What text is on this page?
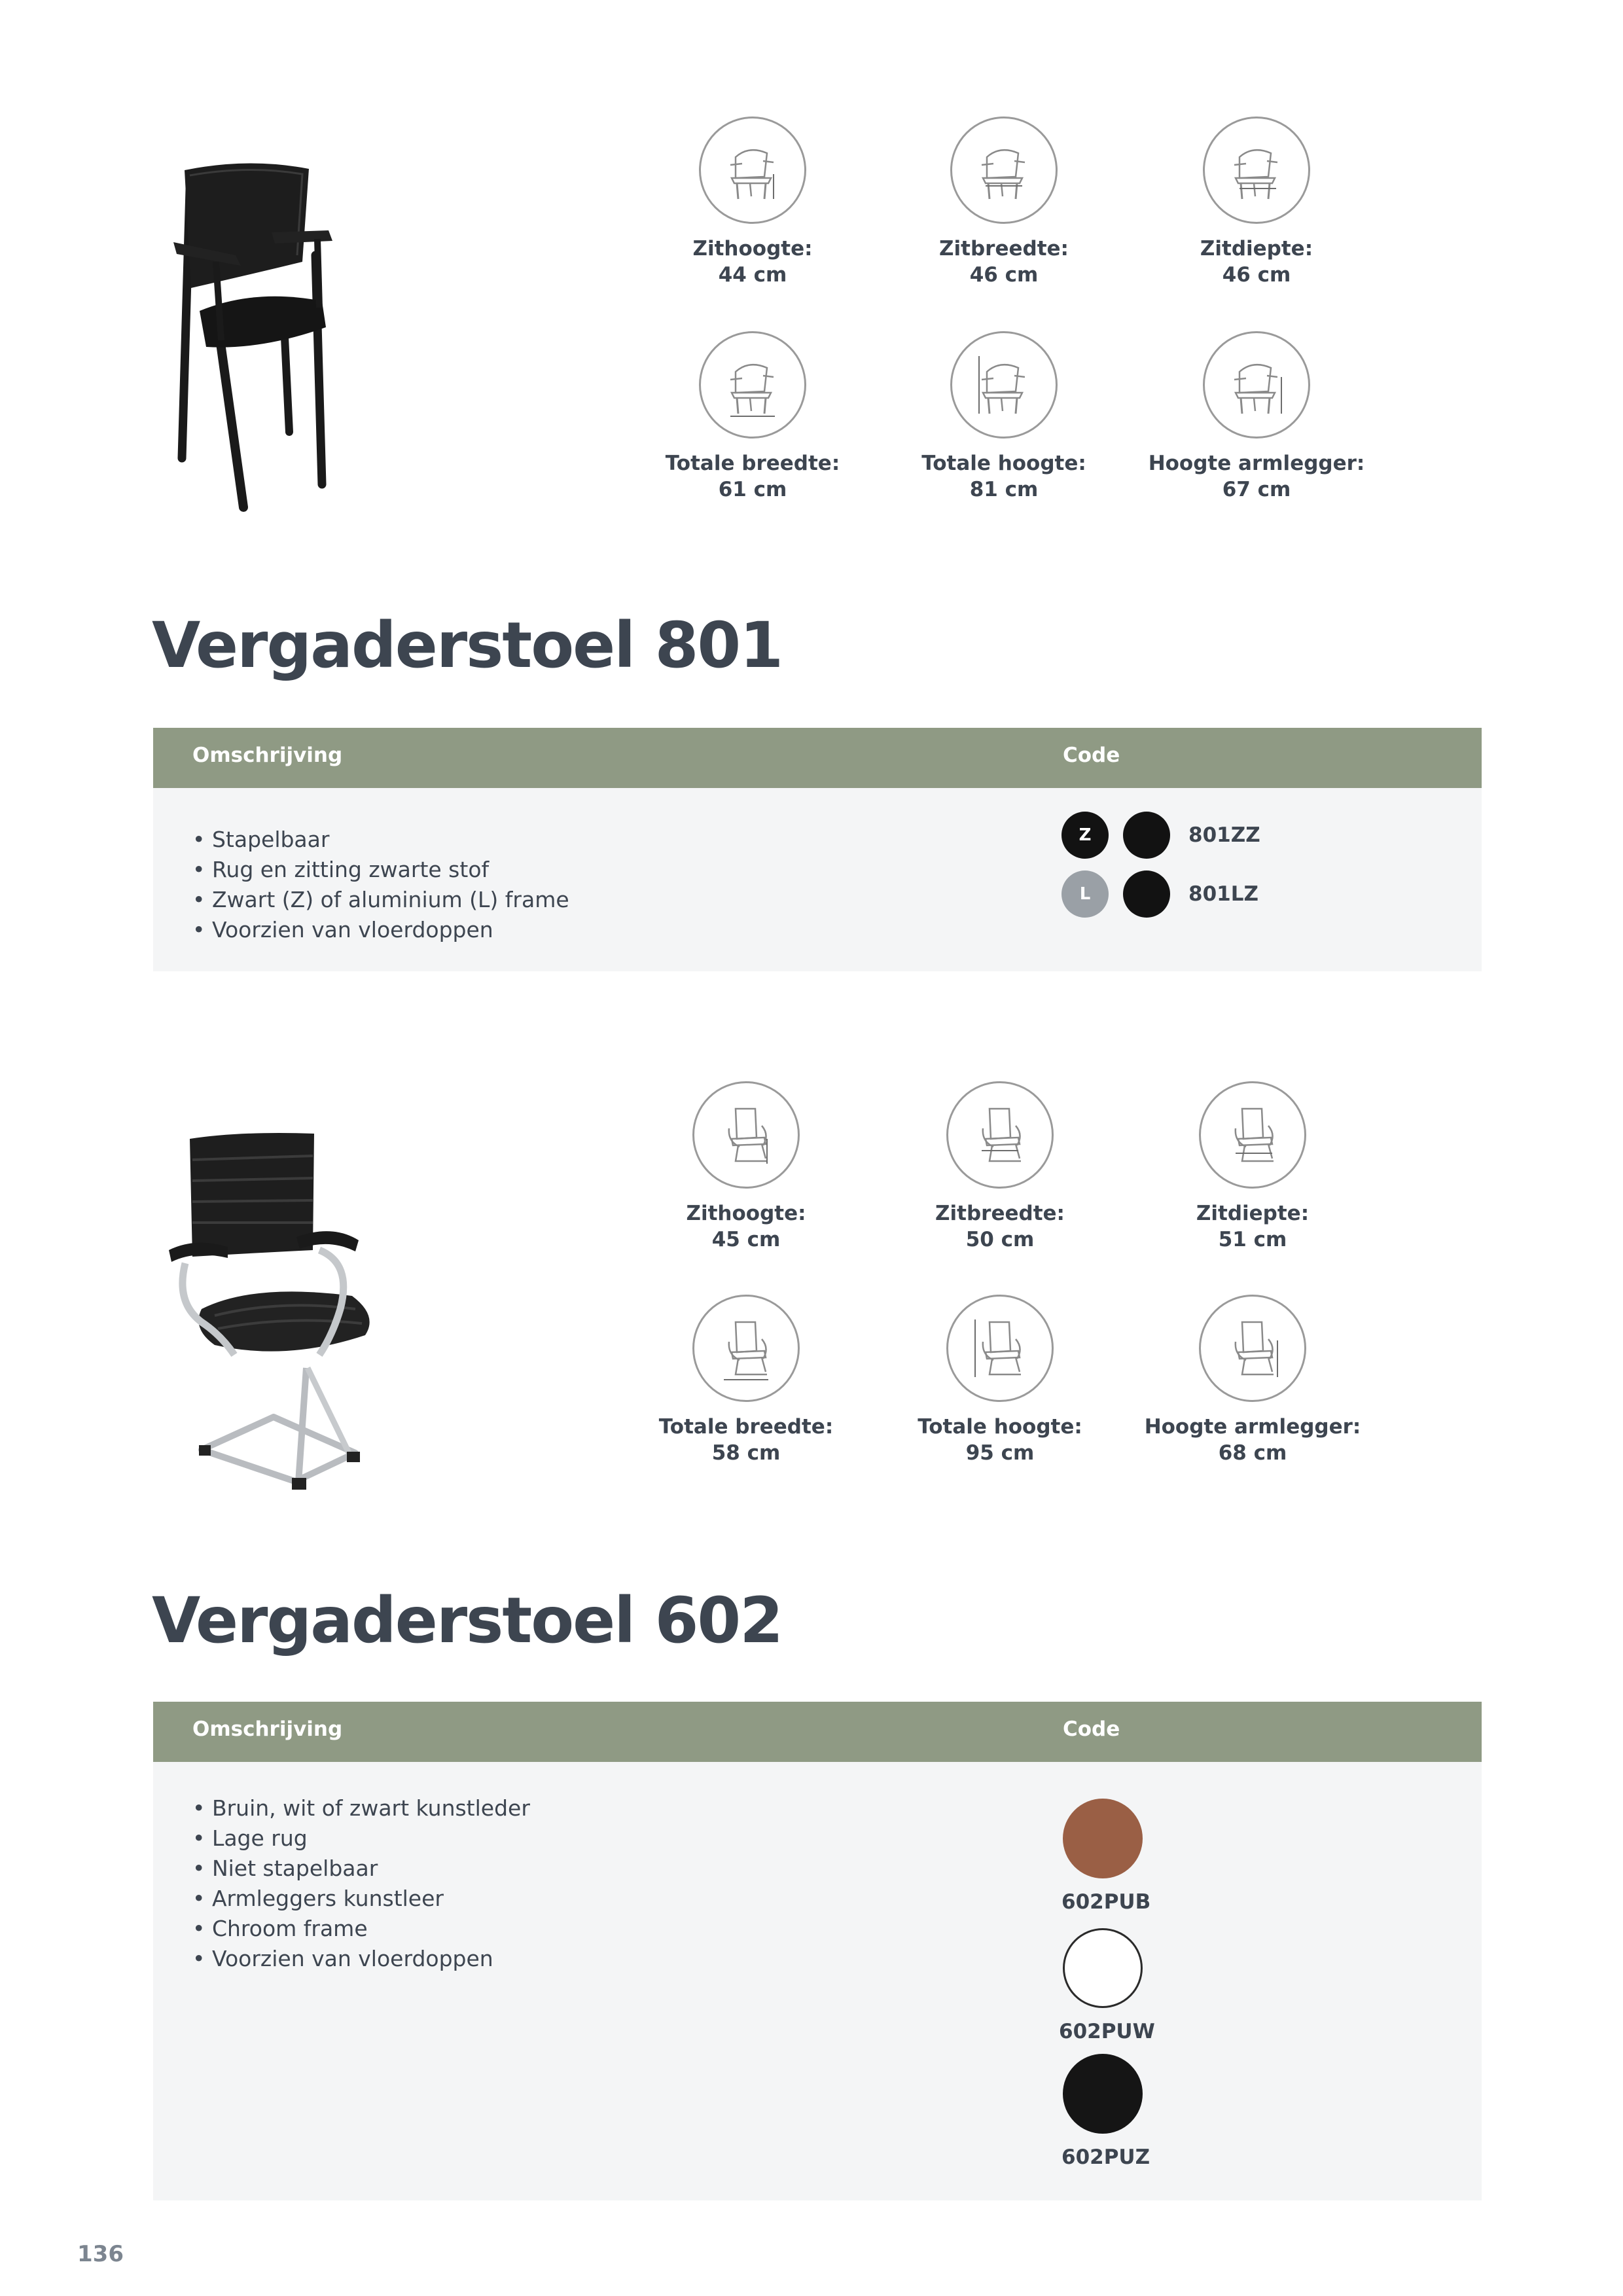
Zithoogte:
44 cm
Zitbreedte:
46 cm
Zitdiepte:
46 cm
Totale breedte:
61 cm
Totale hoogte:
81 cm
Hoogte armlegger:
67 cm
Vergaderstoel 801
Omschrijving	Code
• Stapelbaar
• Rug en zitting zwarte stof
• Zwart (Z) of aluminium (L) frame
• Voorzien van vloerdoppen
Z	801ZZ
L	801LZ
Zithoogte:
45 cm
Zitbreedte:
50 cm
Zitdiepte:
51 cm
Totale breedte:
58 cm
Totale hoogte:
95 cm
Hoogte armlegger:
68 cm
Vergaderstoel 602
Omschrijving	Code
• Bruin, wit of zwart kunstleder
• Lage rug
• Niet stapelbaar
• Armleggers kunstleer
• Chroom frame
• Voorzien van vloerdoppen
602PUB
602PUW
602PUZ
136
